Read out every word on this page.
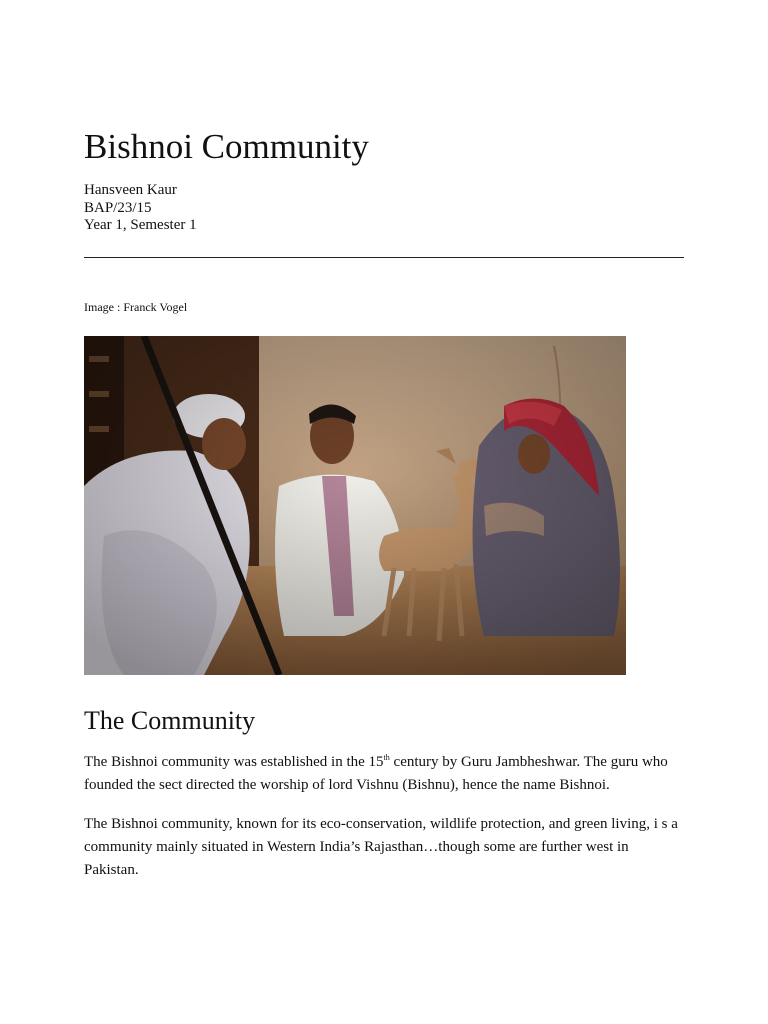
Bishnoi Community
Hansveen Kaur
BAP/23/15
Year 1, Semester 1
Image : Franck Vogel
The Community
The Bishnoi community was established in the 15th century by Guru Jambheshwar. The guru who founded the sect directed the worship of lord Vishnu (Bishnu), hence the name Bishnoi.
The Bishnoi community, known for its eco-conservation, wildlife protection, and green living, i s a community mainly situated in Western India’s Rajasthan…though some are further west in Pakistan.
